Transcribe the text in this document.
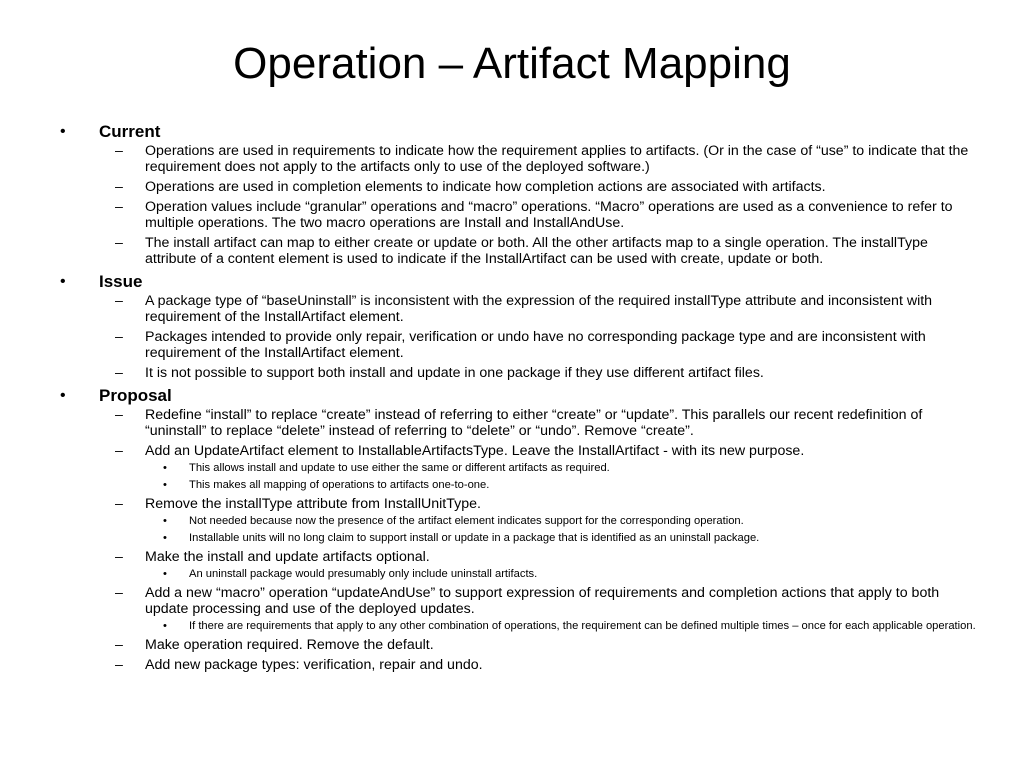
Operation – Artifact Mapping
• Current
– Operations are used in requirements to indicate how the requirement applies to artifacts. (Or in the case of “use” to indicate that the requirement does not apply to the artifacts only to use of the deployed software.)
– Operations are used in completion elements to indicate how completion actions are associated with artifacts.
– Operation values include “granular” operations and “macro” operations. “Macro” operations are used as a convenience to refer to multiple operations. The two macro operations are Install and InstallAndUse.
– The install artifact can map to either create or update or both. All the other artifacts map to a single operation. The installType attribute of a content element is used to indicate if the InstallArtifact can be used with create, update or both.
• Issue
– A package type of “baseUninstall” is inconsistent with the expression of the required installType attribute and inconsistent with requirement of the InstallArtifact element.
– Packages intended to provide only repair, verification or undo have no corresponding package type and are inconsistent with requirement of the InstallArtifact element.
– It is not possible to support both install and update in one package if they use different artifact files.
• Proposal
– Redefine “install” to replace “create” instead of referring to either “create” or “update”. This parallels our recent redefinition of “uninstall” to replace “delete” instead of referring to “delete” or “undo”. Remove “create”.
– Add an UpdateArtifact element to InstallableArtifactsType. Leave the InstallArtifact - with its new purpose.
• This allows install and update to use either the same or different artifacts as required.
• This makes all mapping of operations to artifacts one-to-one.
– Remove the installType attribute from InstallUnitType.
• Not needed because now the presence of the artifact element indicates support for the corresponding operation.
• Installable units will no long claim to support install or update in a package that is identified as an uninstall package.
– Make the install and update artifacts optional.
• An uninstall package would presumably only include uninstall artifacts.
– Add a new “macro” operation “updateAndUse” to support expression of requirements and completion actions that apply to both update processing and use of the deployed updates.
• If there are requirements that apply to any other combination of operations, the requirement can be defined multiple times – once for each applicable operation.
– Make operation required. Remove the default.
– Add new package types: verification, repair and undo.
